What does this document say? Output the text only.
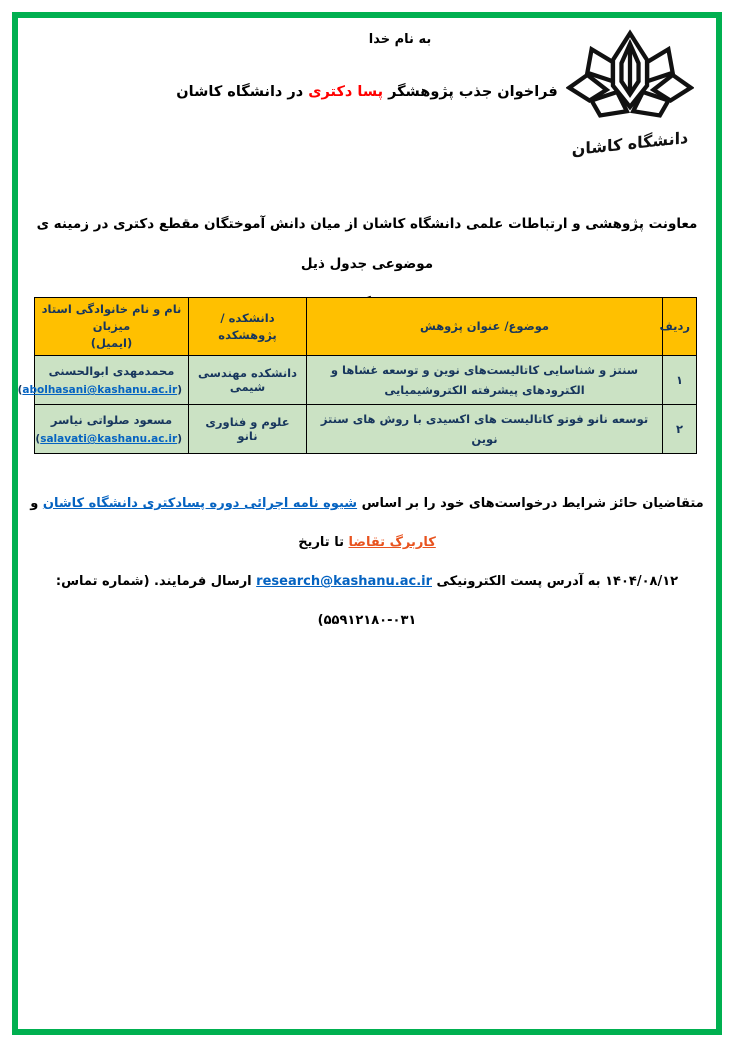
به نام خدا
فراخوان جذب پژوهشگر پسا دکتری در دانشگاه کاشان
دانشگاه کاشان
معاونت پژوهشی و ارتباطات علمی دانشگاه کاشان از میان دانش آموختگان مقطع دکتری در زمینه ی موضوعی جدول ذیل
ردیف	موضوع/ عنوان پژوهش	دانشکده / پژوهشکده	نام و نام خانوادگی استاد میزبان
(ایمیل)

۱	سنتز و شناسایی کاتالیست‌های نوین و توسعه غشاها و الکترودهای پیشرفته الکتروشیمیایی	دانشکده مهندسی شیمی	محمدمهدی ابوالحسنی
(abolhasani@kashanu.ac.ir)

۲	توسعه نانو فوتو کاتالیست های اکسیدی با روش های سنتز نوین	علوم و فناوری نانو	مسعود صلواتی نیاسر
(salavati@kashanu.ac.ir)
متقاضیان حائز شرایط درخواست‌های خود را بر اساس شیوه نامه اجرائی دوره پسادکتری دانشگاه کاشان و کاربرگ تقاضا تا تاریخ
۱۴۰۴/۰۸/۱۲ به آدرس پست الکترونیکی research@kashanu.ac.ir ارسال فرمایند. (شماره تماس: ۰۳۱-۵۵۹۱۲۱۸۰)
